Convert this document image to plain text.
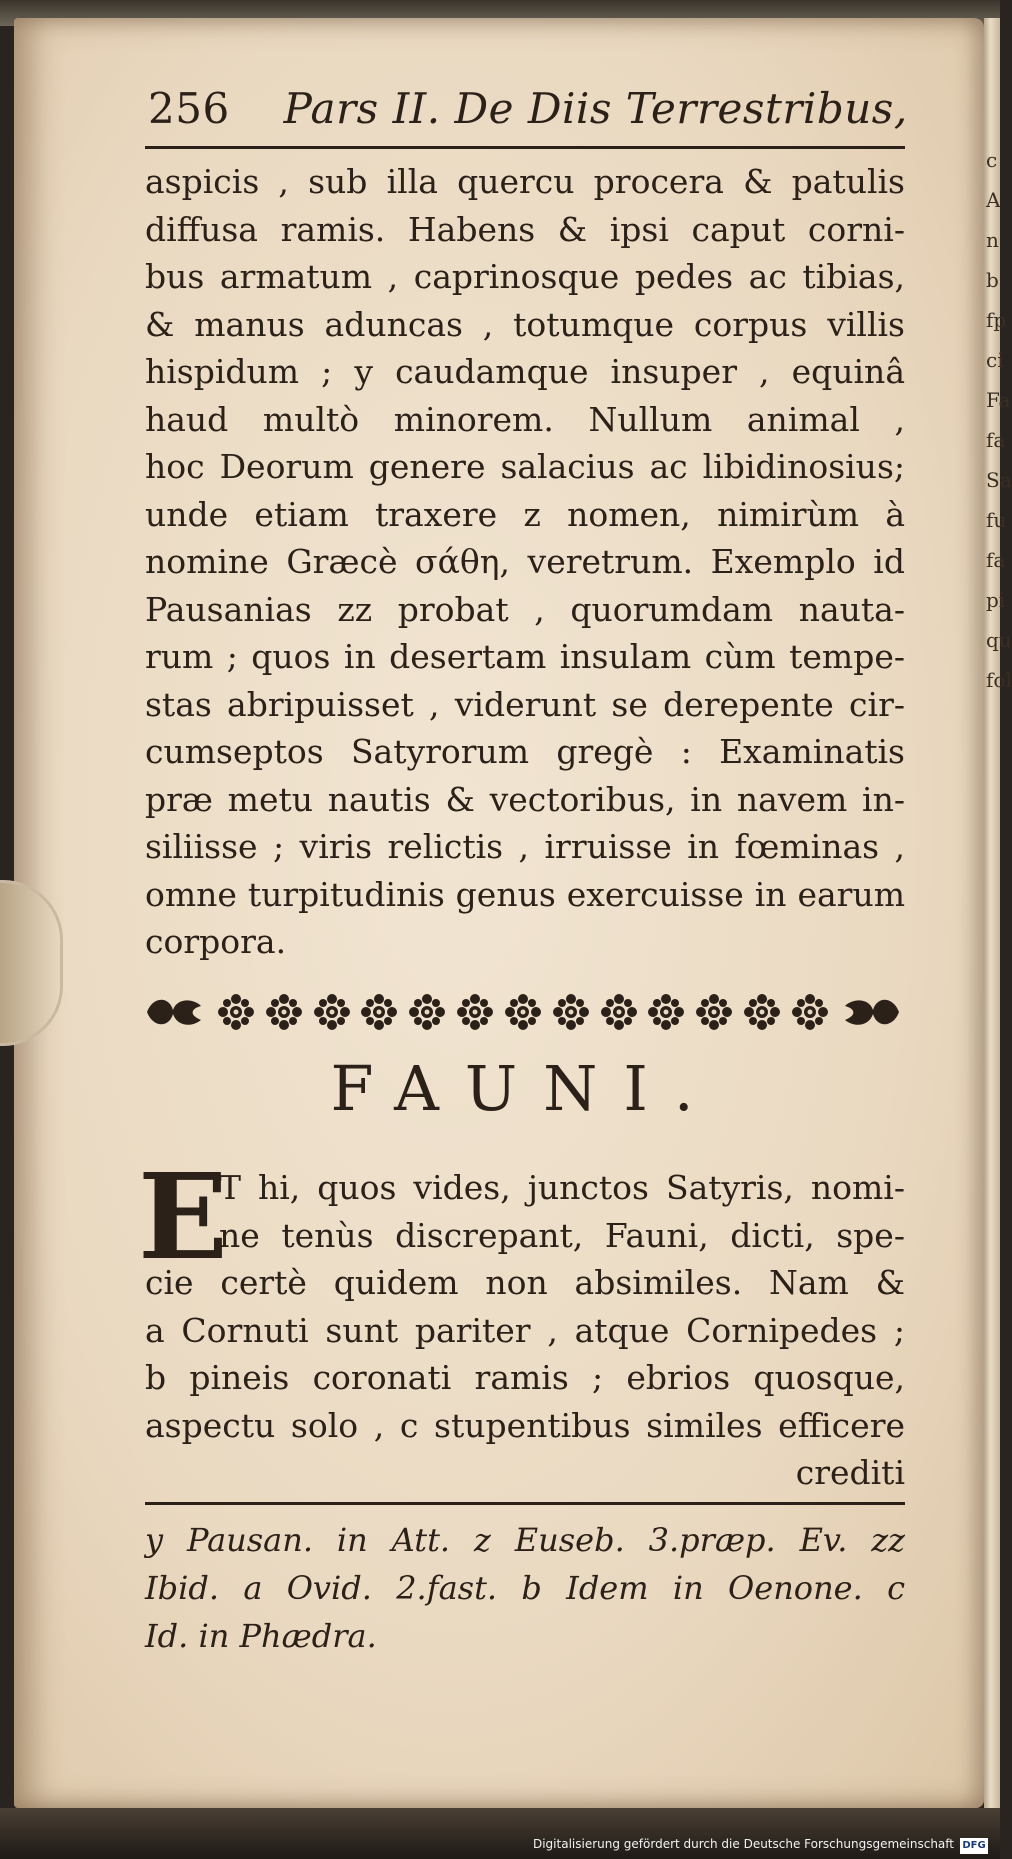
c
A
n
b
fp
ci
Fa
fa
Sa
fu
fa
pi
qu
fol
256 Pars II. De Diis Terrestribus,
aspicis , sub illa quercu procera & patulis
diffusa ramis. Habens & ipsi caput corni-
bus armatum , caprinosque pedes ac tibias,
& manus aduncas , totumque corpus villis
hispidum ; y caudamque insuper , equinâ
haud multò minorem. Nullum animal ,
hoc Deorum genere salacius ac libidinosius;
unde etiam traxere z nomen, nimirùm à
nomine Græcè σάθη, veretrum. Exemplo id
Pausanias zz probat , quorumdam nauta-
rum ; quos in desertam insulam cùm tempe-
stas abripuisset , viderunt se derepente cir-
cumseptos Satyrorum gregè : Examinatis
præ metu nautis & vectoribus, in navem in-
siliisse ; viris relictis , irruisse in fœminas ,
omne turpitudinis genus exercuisse in earum
corpora.
FAUNI.
E
T hi, quos vides, junctos Satyris, nomi-
ne tenùs discrepant, Fauni, dicti, spe-
cie certè quidem non absimiles. Nam &
a Cornuti sunt pariter , atque Cornipedes ;
b pineis coronati ramis ; ebrios quosque,
aspectu solo , c stupentibus similes efficere
crediti
y Pausan. in Att. z Euseb. 3.præp. Ev. zz
Ibid. a Ovid. 2.fast. b Idem in Oenone. c
Id. in Phædra.
Digitalisierung gefördert durch die Deutsche Forschungsgemeinschaft DFG
